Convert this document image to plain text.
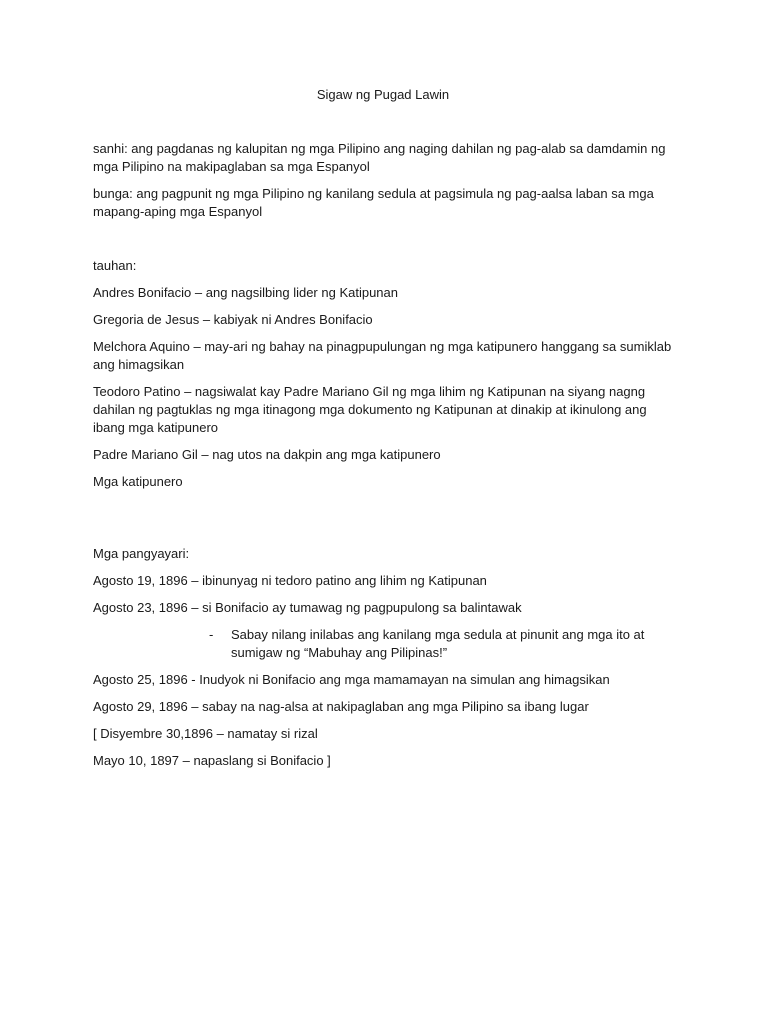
Sigaw ng Pugad Lawin

sanhi: ang pagdanas ng kalupitan ng mga Pilipino ang naging dahilan ng pag-alab sa damdamin ng mga Pilipino na makipaglaban sa mga Espanyol

bunga: ang pagpunit ng mga Pilipino ng kanilang sedula at pagsimula ng pag-aalsa laban sa mga mapang-aping mga Espanyol

tauhan:

Andres Bonifacio – ang nagsilbing lider ng Katipunan

Gregoria de Jesus – kabiyak ni Andres Bonifacio

Melchora Aquino – may-ari ng bahay na pinagpupulungan ng mga katipunero hanggang sa sumiklab ang himagsikan

Teodoro Patino – nagsiwalat kay Padre Mariano Gil ng mga lihim ng Katipunan na siyang nagng dahilan ng pagtuklas ng mga itinagong mga dokumento ng Katipunan at dinakip at ikinulong ang ibang mga katipunero

Padre Mariano Gil – nag utos na dakpin ang mga katipunero

Mga katipunero

Mga pangyayari:

Agosto 19, 1896 – ibinunyag ni tedoro patino ang lihim ng Katipunan

Agosto 23, 1896 – si Bonifacio ay tumawag ng pagpupulong sa balintawak

- Sabay nilang inilabas ang kanilang mga sedula at pinunit ang mga ito at sumigaw ng “Mabuhay ang Pilipinas!”

Agosto 25, 1896 - Inudyok ni Bonifacio ang mga mamamayan na simulan ang himagsikan

Agosto 29, 1896 – sabay na nag-alsa at nakipaglaban ang mga Pilipino sa ibang lugar

[ Disyembre 30,1896 – namatay si rizal

Mayo 10, 1897 – napaslang si Bonifacio ]
